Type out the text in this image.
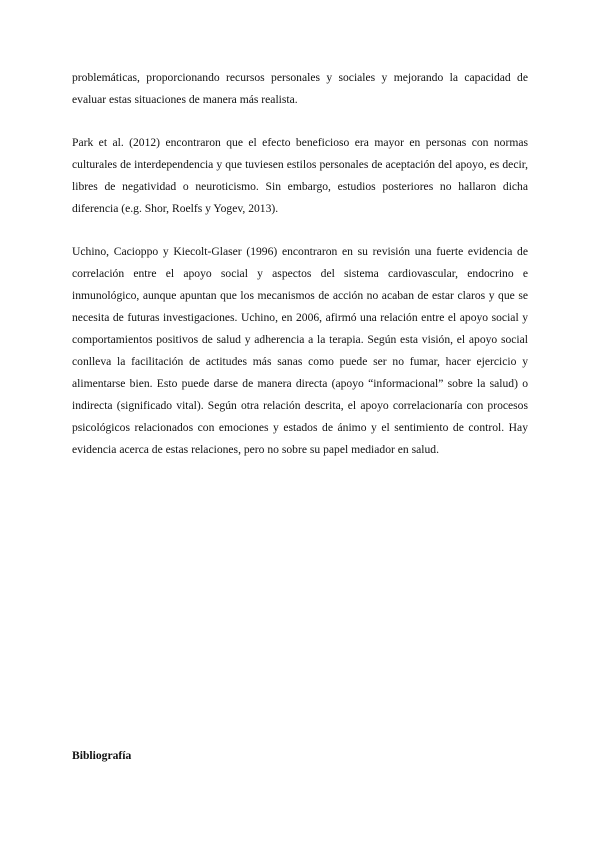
problemáticas, proporcionando recursos personales y sociales y mejorando la capacidad de evaluar estas situaciones de manera más realista.

Park et al. (2012) encontraron que el efecto beneficioso era mayor en personas con normas culturales de interdependencia y que tuviesen estilos personales de aceptación del apoyo, es decir, libres de negatividad o neuroticismo. Sin embargo, estudios posteriores no hallaron dicha diferencia (e.g. Shor, Roelfs y Yogev, 2013).

Uchino, Cacioppo y Kiecolt-Glaser (1996) encontraron en su revisión una fuerte evidencia de correlación entre el apoyo social y aspectos del sistema cardiovascular, endocrino e inmunológico, aunque apuntan que los mecanismos de acción no acaban de estar claros y que se necesita de futuras investigaciones. Uchino, en 2006, afirmó una relación entre el apoyo social y comportamientos positivos de salud y adherencia a la terapia. Según esta visión, el apoyo social conlleva la facilitación de actitudes más sanas como puede ser no fumar, hacer ejercicio y alimentarse bien. Esto puede darse de manera directa (apoyo “informacional” sobre la salud) o indirecta (significado vital). Según otra relación descrita, el apoyo correlacionaría con procesos psicológicos relacionados con emociones y estados de ánimo y el sentimiento de control. Hay evidencia acerca de estas relaciones, pero no sobre su papel mediador en salud.

Bibliografía
